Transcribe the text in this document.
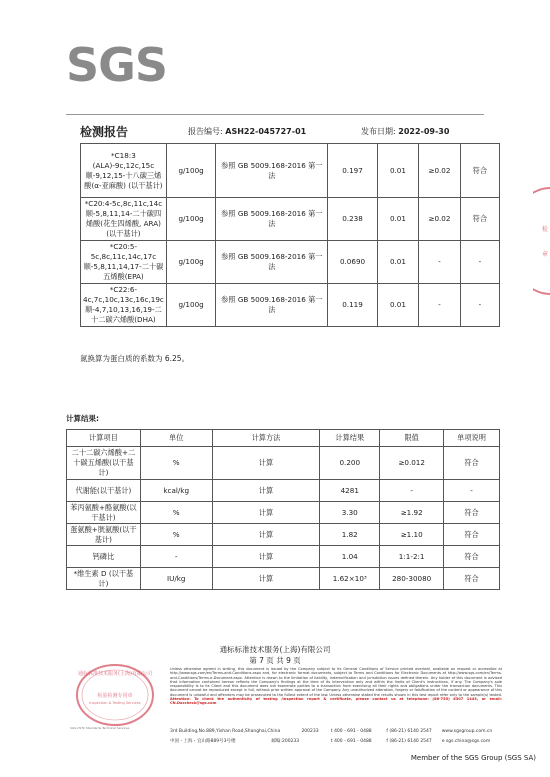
SGS
检测报告	报告编号: ASH22-045727-01	发布日期: 2022-09-30
*C18:3 (ALA)-9c,12c,15c 顺-9,12,15-十八碳三烯酸(α-亚麻酸) (以干基计)	g/100g	参照 GB 5009.168-2016 第一法	0.197	0.01	≥0.02	符合
*C20:4-5c,8c,11c,14c 顺-5,8,11,14-二十碳四烯酸(花生四烯酸, ARA) (以干基计)	g/100g	参照 GB 5009.168-2016 第一法	0.238	0.01	≥0.02	符合
*C20:5-5c,8c,11c,14c,17c 顺-5,8,11,14,17-二十碳五烯酸(EPA)	g/100g	参照 GB 5009.168-2016 第一法	0.0690	0.01	-	-
*C22:6-4c,7c,10c,13c,16c,19c 顺-4,7,10,13,16,19-二十二碳六烯酸(DHA)	g/100g	参照 GB 5009.168-2016 第一法	0.119	0.01	-	-
氮换算为蛋白质的系数为 6.25。
计算结果:
计算项目	单位	计算方法	计算结果	限值	单项说明
二十二碳六烯酸+二十碳五烯酸(以干基计)	%	计算	0.200	≥0.012	符合
代谢能(以干基计)	kcal/kg	计算	4281	-	-
苯丙氨酸+酪氨酸(以干基计)	%	计算	3.30	≥1.92	符合
蛋氨酸+胱氨酸(以干基计)	%	计算	1.82	≥1.10	符合
钙磷比	-	计算	1.04	1:1-2:1	符合
*维生素 D (以干基计)	IU/kg	计算	1.62×10³	280-30080	符合
通标标准技术服务(上海)有限公司
第 7 页 共 9 页
通标标准技术服务(上海)有限公司
检验检测专用章
Inspection & Testing Services
SGS-CSTC Standards Technical Services
检
章
Unless otherwise agreed in writing, this document is issued by the Company subject to its General Conditions of Service printed overleaf, available on request or accessible at http://www.sgs.com/en/Terms-and-Conditions.aspx and, for electronic format documents, subject to Terms and Conditions for Electronic Documents at http://www.sgs.com/en/Terms-and-Conditions/Terms-e-Document.aspx. Attention is drawn to the limitation of liability, indemnification and jurisdiction issues defined therein. Any holder of this document is advised that information contained hereon reflects the Company's findings at the time of its intervention only and within the limits of Client's instructions, if any. The Company's sole responsibility is to its Client and this document does not exonerate parties to a transaction from exercising all their rights and obligations under the transaction documents. This document cannot be reproduced except in full, without prior written approval of the Company. Any unauthorized alteration, forgery or falsification of the content or appearance of this document is unlawful and offenders may be prosecuted to the fullest extent of the law. Unless otherwise stated the results shown in this test report refer only to the sample(s) tested. Attention: To check the authenticity of testing /inspection report & certificate, please contact us at telephone: (86-755) 8307 1443, or email: CN.Doccheck@sgs.com
3rd Building,No.889,Yishan Road,Shanghai,China	200233	t 400 - 691 - 0488	f (86-21) 6140 2547 www.sgsgroup.com.cn
中国・上海・宜山路889号3号楼	邮编:200233	t 400 - 691 - 0488	f (86-21) 6140 2547 e sgs.china@sgs.com
Member of the SGS Group (SGS SA)
